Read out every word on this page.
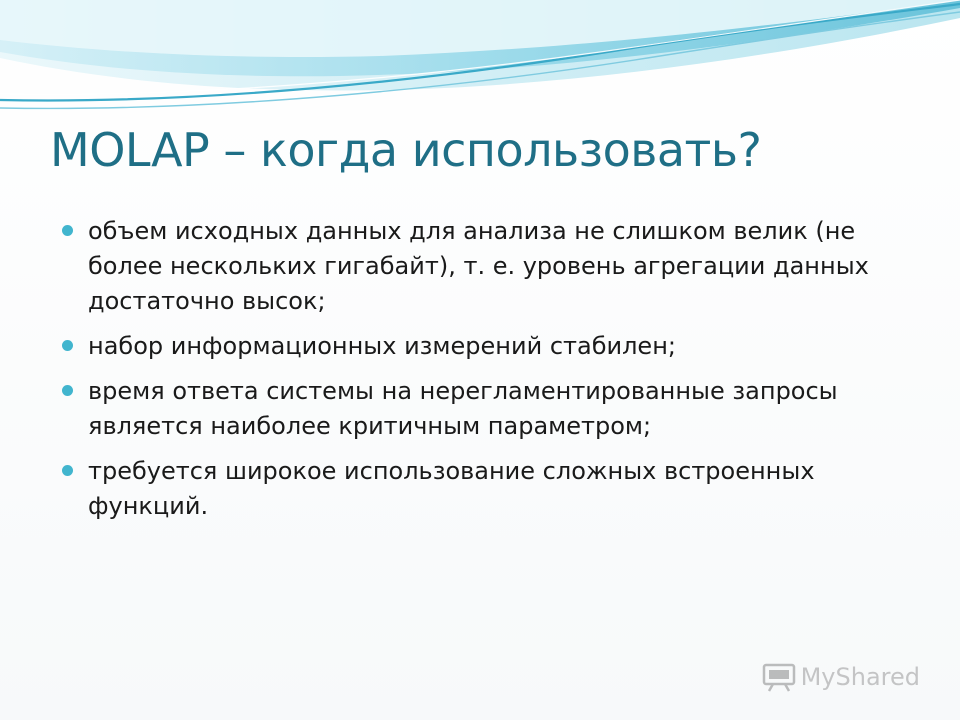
MOLAP – когда использовать?
объем исходных данных для анализа не слишком велик (не более нескольких гигабайт), т. е. уровень агрегации данных достаточно высок;
набор информационных измерений стабилен;
время ответа системы на нерегламентированные запросы является наиболее критичным параметром;
требуется широкое использование сложных встроенных функций.
MyShared
